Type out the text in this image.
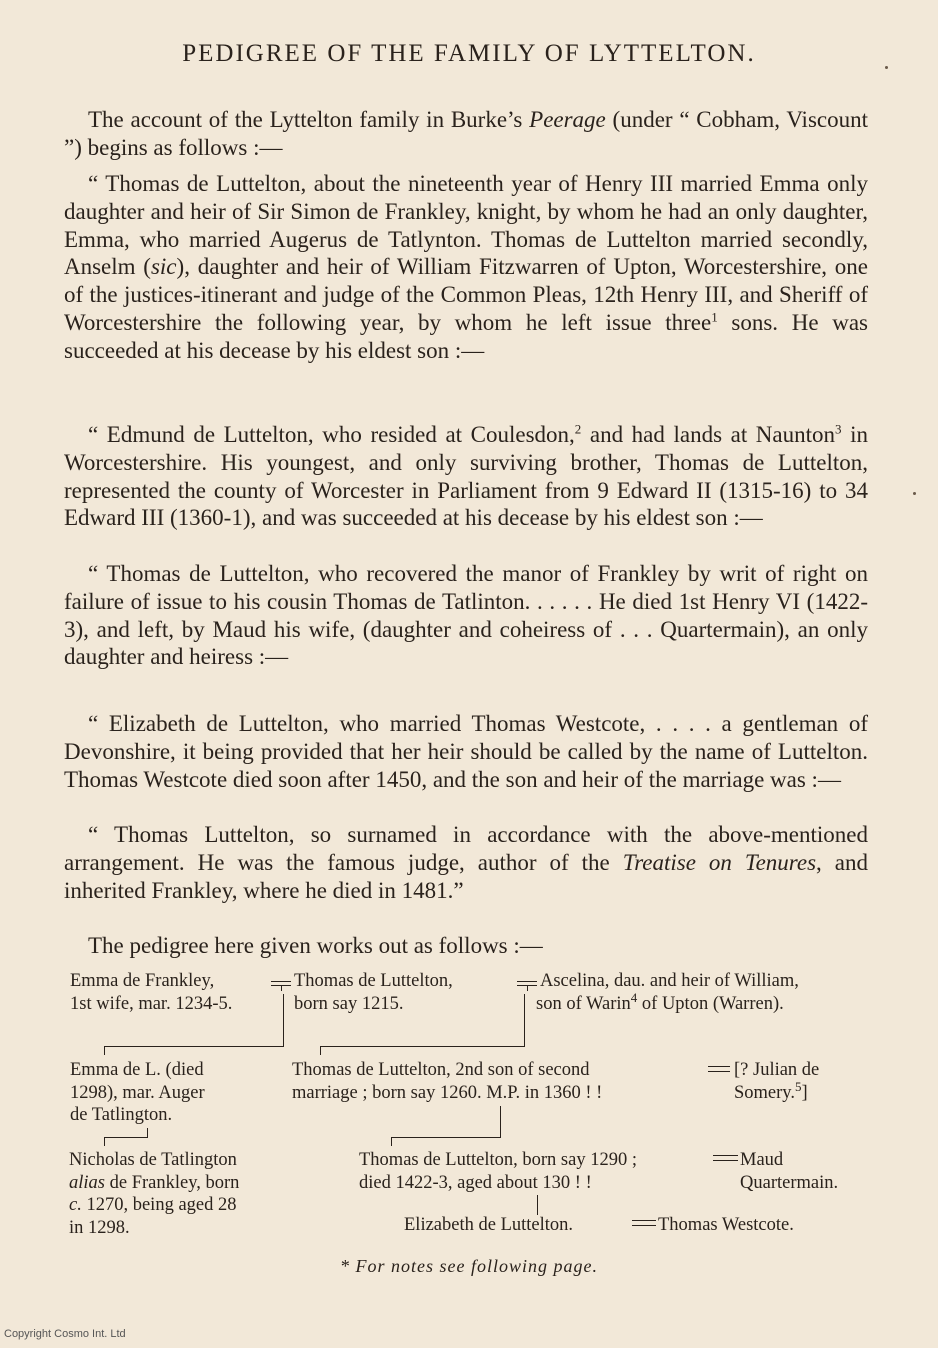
PEDIGREE OF THE FAMILY OF LYTTELTON.

The account of the Lyttelton family in Burke’s Peerage (under “ Cobham, Viscount ”) begins as follows :—

“ Thomas de Luttelton, about the nineteenth year of Henry III married Emma only daughter and heir of Sir Simon de Frankley, knight, by whom he had an only daughter, Emma, who married Augerus de Tatlynton. Thomas de Luttelton married secondly, Anselm (sic), daughter and heir of William Fitzwarren of Upton, Worcestershire, one of the justices-itinerant and judge of the Common Pleas, 12th Henry III, and Sheriff of Worcestershire the following year, by whom he left issue three$^1$ sons. He was succeeded at his decease by his eldest son :—

“ Edmund de Luttelton, who resided at Coulesdon,$^2$ and had lands at Naunton$^3$ in Worcestershire. His youngest, and only surviving brother, Thomas de Luttelton, represented the county of Worcester in Parliament from 9 Edward II (1315-16) to 34 Edward III (1360-1), and was succeeded at his decease by his eldest son :—

“ Thomas de Luttelton, who recovered the manor of Frankley by writ of right on failure of issue to his cousin Thomas de Tatlinton. . . . . . He died 1st Henry VI (1422-3), and left, by Maud his wife, (daughter and coheiress of . . . Quartermain), an only daughter and heiress :—

“ Elizabeth de Luttelton, who married Thomas Westcote, . . . . a gentleman of Devonshire, it being provided that her heir should be called by the name of Luttelton. Thomas Westcote died soon after 1450, and the son and heir of the marriage was :—

“ Thomas Luttelton, so surnamed in accordance with the above-mentioned arrangement. He was the famous judge, author of the Treatise on Tenures, and inherited Frankley, where he died in 1481.”

The pedigree here given works out as follows :—

Emma de Frankley,
1st wife, mar. 1234-5.
Thomas de Luttelton,
born say 1215.
Ascelina, dau. and heir of William,
son of Warin$^4$ of Upton (Warren).
Emma de L. (died
1298), mar. Auger
de Tatlington.
Thomas de Luttelton, 2nd son of second
marriage ; born say 1260. M.P. in 1360 ! !
[? Julian de
Somery.$^5$]
Nicholas de Tatlington
alias de Frankley, born
c. 1270, being aged 28
in 1298.
Thomas de Luttelton, born say 1290 ;
died 1422-3, aged about 130 ! !
Maud
Quartermain.
Elizabeth de Luttelton.	Thomas Westcote.
* For notes see following page.
Copyright Cosmo Int. Ltd
